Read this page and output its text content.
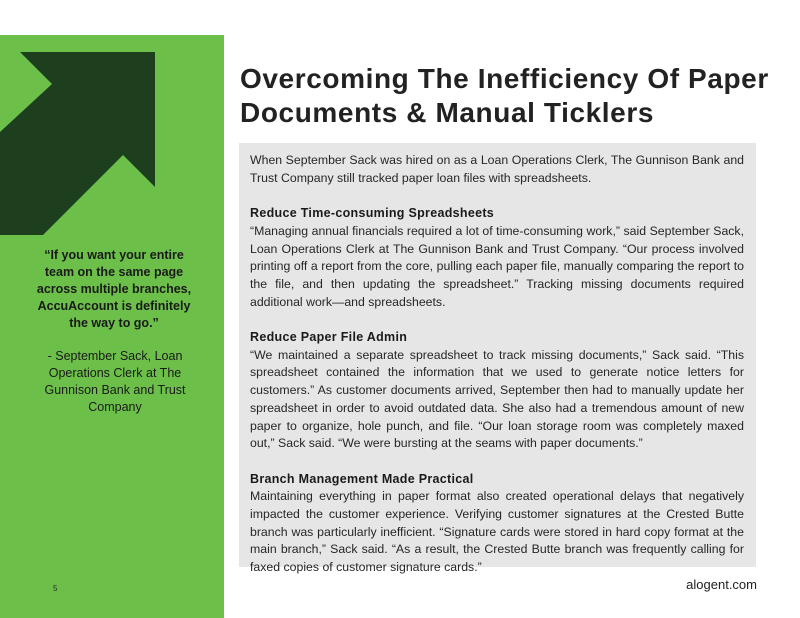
“If you want your entire team on the same page across multiple branches, AccuAccount is definitely the way to go.”
- September Sack, Loan Operations Clerk at The Gunnison Bank and Trust Company
5
Overcoming The Inefficiency Of Paper Documents & Manual Ticklers

When September Sack was hired on as a Loan Operations Clerk, The Gunnison Bank and Trust Company still tracked paper loan files with spreadsheets.

Reduce Time-consuming Spreadsheets

“Managing annual financials required a lot of time-consuming work,” said September Sack, Loan Operations Clerk at The Gunnison Bank and Trust Company. “Our process involved printing off a report from the core, pulling each paper file, manually comparing the report to the file, and then updating the spreadsheet.” Tracking missing documents required additional work—and spreadsheets.

Reduce Paper File Admin

“We maintained a separate spreadsheet to track missing documents,” Sack said. “This spreadsheet contained the information that we used to generate notice letters for customers.” As customer documents arrived, September then had to manually update her spreadsheet in order to avoid outdated data. She also had a tremendous amount of new paper to organize, hole punch, and file. “Our loan storage room was completely maxed out,” Sack said. “We were bursting at the seams with paper documents.”

Branch Management Made Practical

Maintaining everything in paper format also created operational delays that negatively impacted the customer experience. Verifying customer signatures at the Crested Butte branch was particularly inefficient. “Signature cards were stored in hard copy format at the main branch,” Sack said. “As a result, the Crested Butte branch was frequently calling for faxed copies of customer signature cards.”

alogent.com
